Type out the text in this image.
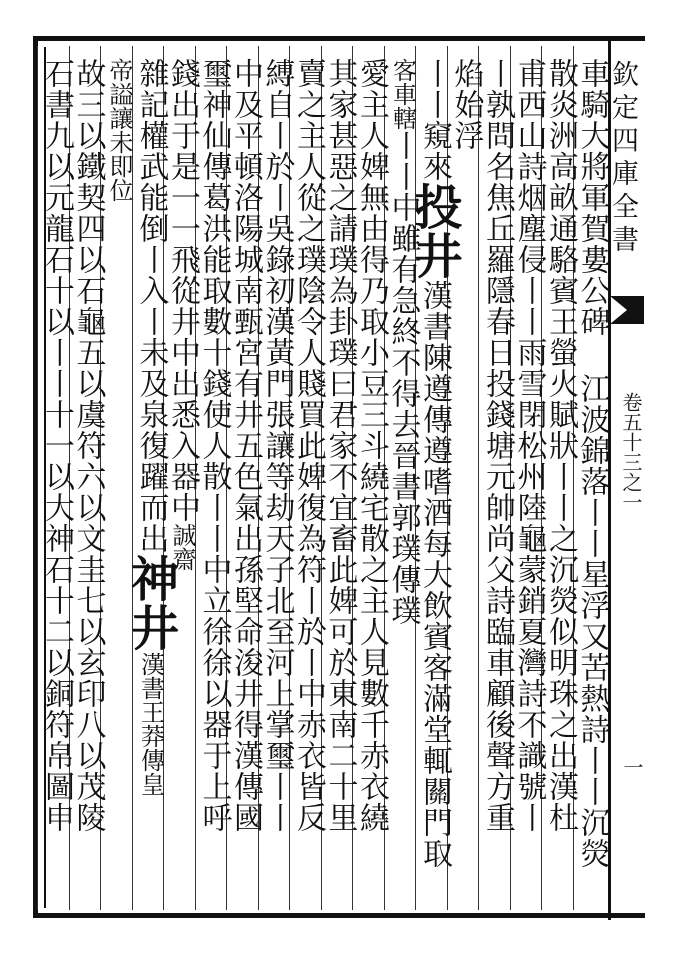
欽定四庫全書
卷五十三之一
一
車騎大將軍賀婁公碑 江波錦落丨丨星浮又苦熱詩丨丨沉熒
散炎洲高畝通駱賓王螢火賦狀丨丨之沉熒似明珠之出漢杜
甫西山詩烟塵侵丨丨雨雪閉松州陸龜蒙銷夏灣詩不識號丨
丨孰問名焦丘羅隱春日投錢塘元帥尚父詩臨車顧後聲方重
焰始浮
丨丨窺來投井漢書陳遵傳遵嗜酒每大飲賓客滿堂輒關門取
客車轄丨丨中雖有急終不得去晉書郭璞傳璞
愛主人婢無由得乃取小豆三斗繞宅散之主人見數千赤衣繞
其家甚惡之請璞為卦璞曰君家不宜畜此婢可於東南二十里
賣之主人從之璞陰令人賤買此婢復為符丨於丨中赤衣皆反
縛自丨於丨吳錄初漢黃門張讓等劫天子北至河上掌璽丨丨
中及平頓洛陽城南甄宮有井五色氣出孫堅命浚井得漢傳國
璽神仙傳葛洪能取數十錢使人散丨丨中立徐徐以器于上呼
錢出于是一一飛從井中出悉入器中誠齋
雜記權武能倒丨入丨未及泉復躍而出神井漢書王莽傳皇
帝謚讓未即位
故三以鐵契四以石龜五以虞符六以文圭七以玄印八以茂陵
石書九以元龍石十以丨丨十一以大神石十二以銅符帛圖申
